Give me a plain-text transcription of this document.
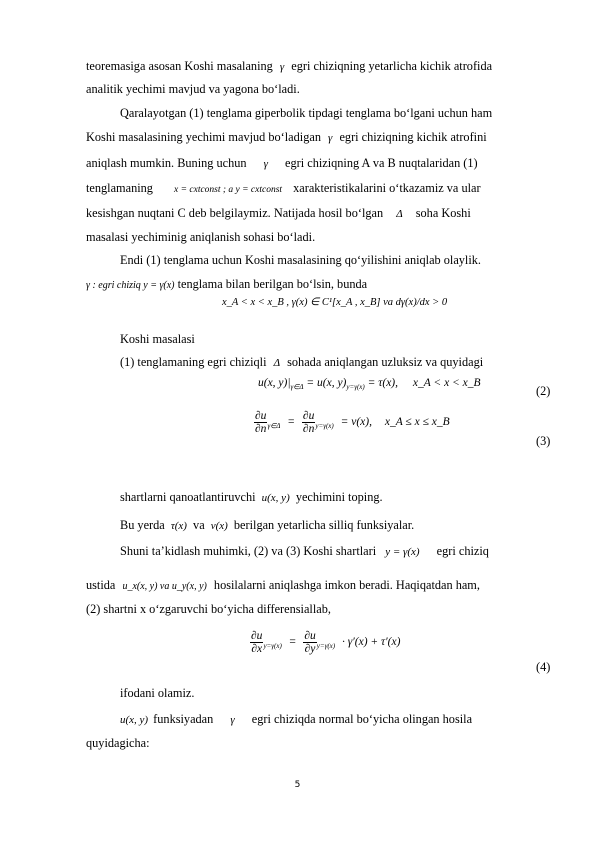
teoremasiga asosan Koshi masalaning γ egri chiziqning yetarlicha kichik atrofida
analitik yechimi mavjud va yagona bo‘ladi.
Qaralayotgan (1) tenglama giperbolik tipdagi tenglama bo‘lgani uchun ham
Koshi masalasining yechimi mavjud bo‘ladigan γ egri chiziqning kichik atrofini
aniqlash mumkin. Buning uchun γ egri chiziqning A va B nuqtalaridan (1)
tenglamaning x = cxtconst ; a y = cxtconst xarakteristikalarini o‘tkazamiz va ular
kesishgan nuqtani C deb belgilaymiz. Natijada hosil bo‘lgan Δ soha Koshi
masalasi yechiminig aniqlanish sohasi bo‘ladi.
Endi (1) tenglama uchun Koshi masalasining qo‘yilishini aniqlab olaylik.
γ : egri chiziq y = γ(x) tenglama bilan berilgan bo‘lsin, bunda
x_A < x < x_B , γ(x) ∈ C¹[x_A , x_B] va dγ(x)/dx > 0
Koshi masalasi
(1) tenglamaning egri chiziqli Δ sohada aniqlangan uzluksiz va quyidagi
u(x, $y)|_{\gamma\in\Delta} = u(x$, $y)_{y=\gamma(x)} = \tau(x)$, x_A < x < x_B
(2)
$\frac{\partial u}{\partial n} _{\gamma\in\Delta} = \frac{\partial u}{\partial n} _{y=\gamma(x)} = \nu(x)$, x_A ≤ x ≤ x_B
(3)
shartlarni qanoatlantiruvchi u(x, y) yechimini toping.
Bu yerda τ(x) va ν(x) berilgan yetarlicha silliq funksiyalar.
Shuni ta’kidlash muhimki, (2) va (3) Koshi shartlari y = γ(x) egri chiziq
ustida u_x(x, y) va u_y(x, y) hosilalarni aniqlashga imkon beradi. Haqiqatdan ham,
(2) shartni x o‘zgaruvchi bo‘yicha differensiallab,
$\frac{\partial u}{\partial x} _{y=\gamma(x)} = \frac{\partial u}{\partial y} _{y=\gamma(x)} \cdot \gamma'(x) + \tau'(x)$
(4)
ifodani olamiz.
u(x, y) funksiyadan γ egri chiziqda normal bo‘yicha olingan hosila
quyidagicha:
5
